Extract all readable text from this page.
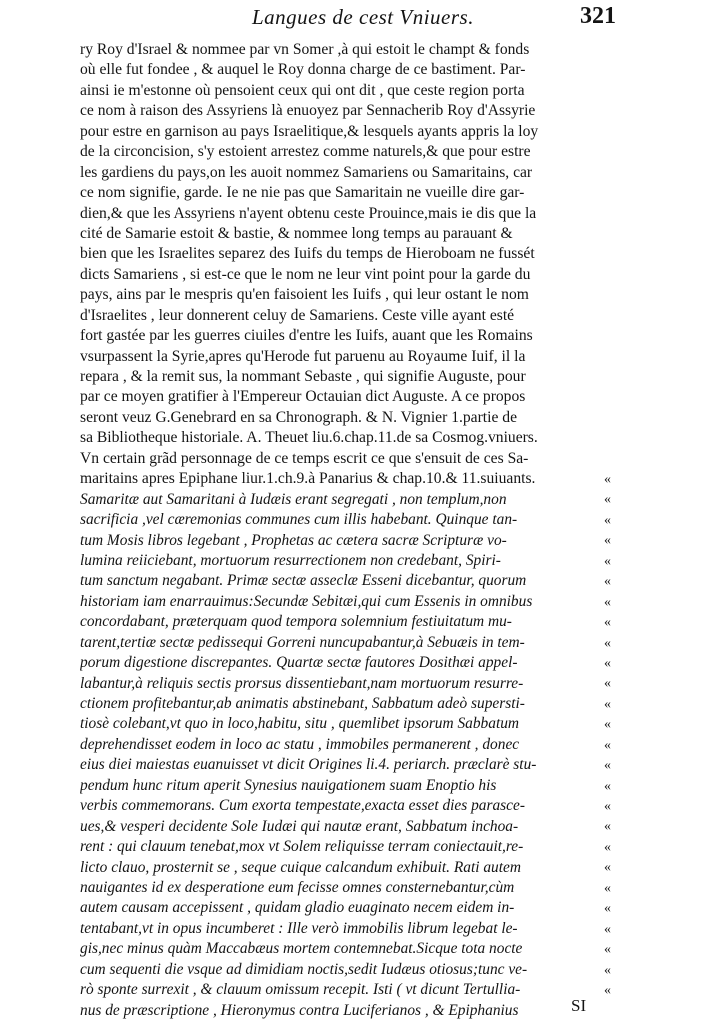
Langues de cest Vniuers.	321
ry Roy d'Israel & nommee par vn Somer ,à qui estoit le champt & fonds
où elle fut fondee , & auquel le Roy donna charge de ce bastiment. Par-
ainsi ie m'estonne où pensoient ceux qui ont dit , que ceste region porta
ce nom à raison des Assyriens là enuoyez par Sennacherib Roy d'Assyrie
pour estre en garnison au pays Israelitique,& lesquels ayants appris la loy
de la circoncision, s'y estoient arrestez comme naturels,& que pour estre
les gardiens du pays,on les auoit nommez Samariens ou Samaritains, car
ce nom signifie, garde. Ie ne nie pas que Samaritain ne vueille dire gar-
dien,& que les Assyriens n'ayent obtenu ceste Prouince,mais ie dis que la
cité de Samarie estoit & bastie, & nommee long temps au parauant &
bien que les Israelites separez des Iuifs du temps de Hieroboam ne fussét
dicts Samariens , si est-ce que le nom ne leur vint point pour la garde du
pays, ains par le mespris qu'en faisoient les Iuifs , qui leur ostant le nom
d'Israelites , leur donnerent celuy de Samariens. Ceste ville ayant esté
fort gastée par les guerres ciuiles d'entre les Iuifs, auant que les Romains
vsurpassent la Syrie,apres qu'Herode fut paruenu au Royaume Iuif, il la
repara , & la remit sus, la nommant Sebaste , qui signifie Auguste, pour
par ce moyen gratifier à l'Empereur Octauian dict Auguste. A ce propos
seront veuz G.Genebrard en sa Chronograph. & N. Vignier 1.partie de
sa Bibliotheque historiale. A. Theuet liu.6.chap.11.de sa Cosmog.vniuers.
Vn certain grãd personnage de ce temps escrit ce que s'ensuit de ces Sa-
maritains apres Epiphane liur.1.ch.9.à Panarius & chap.10.& 11.suiuants.
Samaritæ aut Samaritani à Iudæis erant segregati , non templum,non
sacrificia ,vel cæremonias communes cum illis habebant. Quinque tan-
tum Mosis libros legebant , Prophetas ac cætera sacræ Scripturæ vo-
lumina reiiciebant, mortuorum resurrectionem non credebant, Spiri-
tum sanctum negabant. Primæ sectæ asseclæ Esseni dicebantur, quorum
historiam iam enarrauimus:Secundæ Sebitæi,qui cum Essenis in omnibus
concordabant, præterquam quod tempora solemnium festiuitatum mu-
tarent,tertiæ sectæ pedissequi Gorreni nuncupabantur,à Sebuæis in tem-
porum digestione discrepantes. Quartæ sectæ fautores Dosithæi appel-
labantur,à reliquis sectis prorsus dissentiebant,nam mortuorum resurre-
ctionem profitebantur,ab animatis abstinebant, Sabbatum adeò supersti-
tiosè colebant,vt quo in loco,habitu, situ , quemlibet ipsorum Sabbatum
deprehendisset eodem in loco ac statu , immobiles permanerent , donec
eius diei maiestas euanuisset vt dicit Origines li.4. periarch. præclarè stu-
pendum hunc ritum aperit Synesius nauigationem suam Enoptio his
verbis commemorans. Cum exorta tempestate,exacta esset dies parasce-
ues,& vesperi decidente Sole Iudæi qui nautæ erant, Sabbatum inchoa-
rent : qui clauum tenebat,mox vt Solem reliquisse terram coniectauit,re-
licto clauo, prosternit se , seque cuique calcandum exhibuit. Rati autem
nauigantes id ex desperatione eum fecisse omnes consternebantur,cùm
autem causam accepissent , quidam gladio euaginato necem eidem in-
tentabant,vt in opus incumberet : Ille verò immobilis librum legebat le-
gis,nec minus quàm Maccabæus mortem contemnebat.Sicque tota nocte
cum sequenti die vsque ad dimidiam noctis,sedit Iudæus otiosus;tunc ve-
rò sponte surrexit , & clauum omissum recepit. Isti ( vt dicunt Tertullia-
nus de præscriptione , Hieronymus contra Luciferianos , & Epiphanius
«
«
«
«
«
«
«
«
«
«
«
«
«
«
«
«
«
«
«
«
«
«
«
«
«
«
SI
